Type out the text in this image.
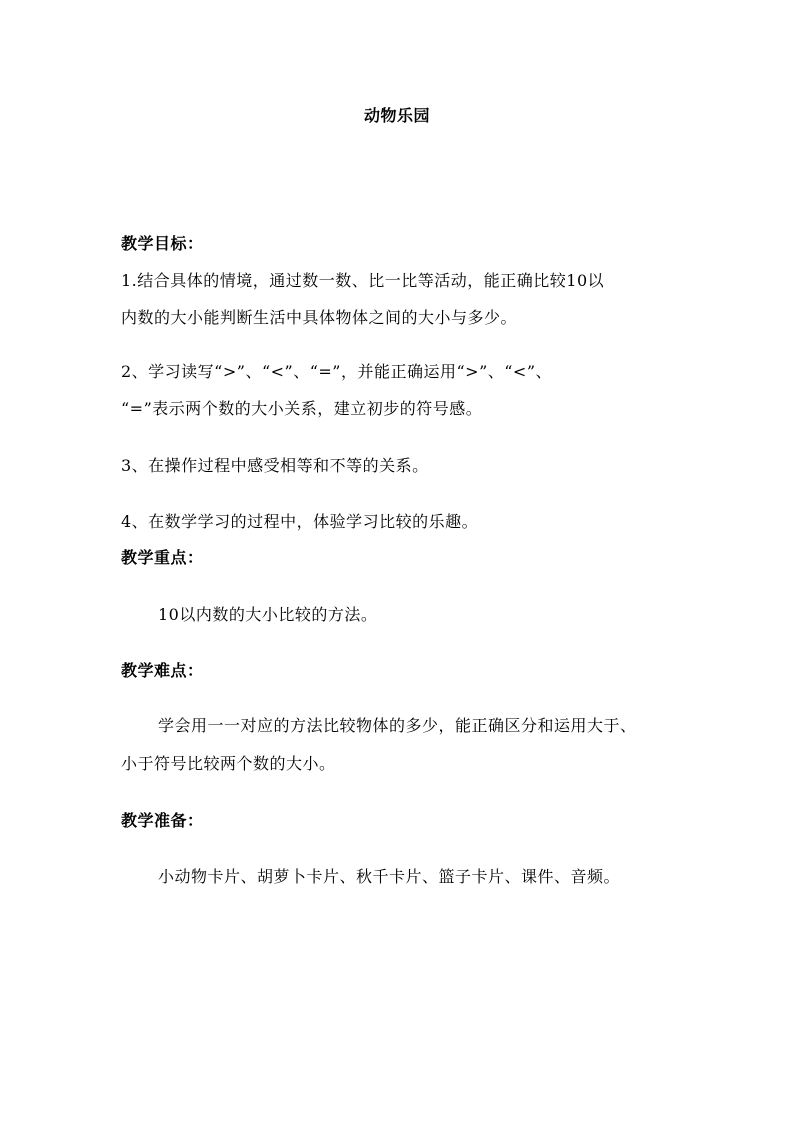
动物乐园
教学目标：
1.结合具体的情境，通过数一数、比一比等活动，能正确比较10以
内数的大小能判断生活中具体物体之间的大小与多少。
2、学习读写“>”、“<”、“=”，并能正确运用“>”、“<”、
“=”表示两个数的大小关系，建立初步的符号感。
3、在操作过程中感受相等和不等的关系。
4、在数学学习的过程中，体验学习比较的乐趣。
教学重点：
10以内数的大小比较的方法。
教学难点：
学会用一一对应的方法比较物体的多少，能正确区分和运用大于、
小于符号比较两个数的大小。
教学准备：
小动物卡片、胡萝卜卡片、秋千卡片、篮子卡片、课件、音频。
